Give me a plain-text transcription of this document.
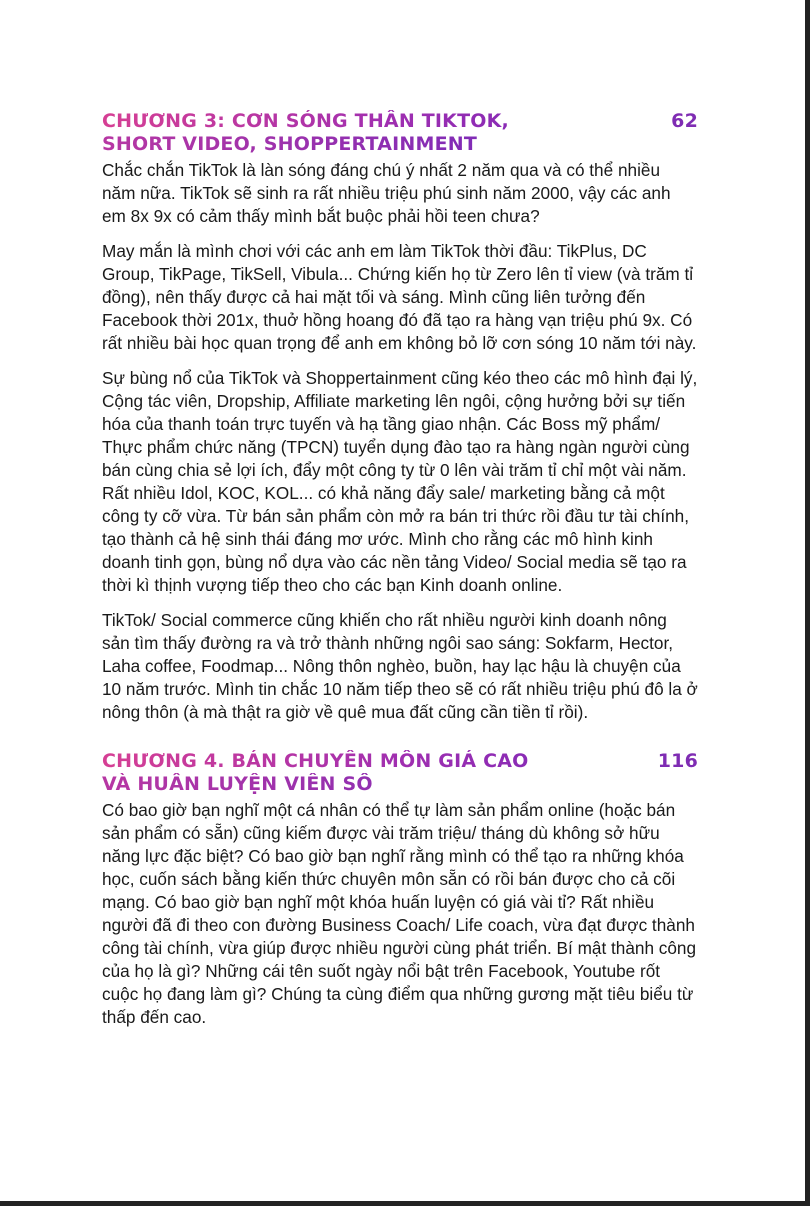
CHƯƠNG 3: CƠN SÓNG THẦN TIKTOK,
SHORT VIDEO, SHOPPERTAINMENT
62

Chắc chắn TikTok là làn sóng đáng chú ý nhất 2 năm qua và có thể nhiều năm nữa. TikTok sẽ sinh ra rất nhiều triệu phú sinh năm 2000, vậy các anh em 8x 9x có cảm thấy mình bắt buộc phải hồi teen chưa?

May mắn là mình chơi với các anh em làm TikTok thời đầu: TikPlus, DC Group, TikPage, TikSell, Vibula... Chứng kiến họ từ Zero lên tỉ view (và trăm tỉ đồng), nên thấy được cả hai mặt tối và sáng. Mình cũng liên tưởng đến Facebook thời 201x, thuở hồng hoang đó đã tạo ra hàng vạn triệu phú 9x. Có rất nhiều bài học quan trọng để anh em không bỏ lỡ cơn sóng 10 năm tới này.

Sự bùng nổ của TikTok và Shoppertainment cũng kéo theo các mô hình đại lý, Cộng tác viên, Dropship, Affiliate marketing lên ngôi, cộng hưởng bởi sự tiến hóa của thanh toán trực tuyến và hạ tầng giao nhận. Các Boss mỹ phẩm/ Thực phẩm chức năng (TPCN) tuyển dụng đào tạo ra hàng ngàn người cùng bán cùng chia sẻ lợi ích, đẩy một công ty từ 0 lên vài trăm tỉ chỉ một vài năm. Rất nhiều Idol, KOC, KOL... có khả năng đẩy sale/ marketing bằng cả một công ty cỡ vừa. Từ bán sản phẩm còn mở ra bán tri thức rồi đầu tư tài chính, tạo thành cả hệ sinh thái đáng mơ ước. Mình cho rằng các mô hình kinh doanh tinh gọn, bùng nổ dựa vào các nền tảng Video/ Social media sẽ tạo ra thời kì thịnh vượng tiếp theo cho các bạn Kinh doanh online.

TikTok/ Social commerce cũng khiến cho rất nhiều người kinh doanh nông sản tìm thấy đường ra và trở thành những ngôi sao sáng: Sokfarm, Hector, Laha coffee, Foodmap... Nông thôn nghèo, buồn, hay lạc hậu là chuyện của 10 năm trước. Mình tin chắc 10 năm tiếp theo sẽ có rất nhiều triệu phú đô la ở nông thôn (à mà thật ra giờ về quê mua đất cũng cần tiền tỉ rồi).

CHƯƠNG 4. BÁN CHUYÊN MÔN GIÁ CAO
VÀ HUẤN LUYỆN VIÊN SỐ
116

Có bao giờ bạn nghĩ một cá nhân có thể tự làm sản phẩm online (hoặc bán sản phẩm có sẵn) cũng kiếm được vài trăm triệu/ tháng dù không sở hữu năng lực đặc biệt? Có bao giờ bạn nghĩ rằng mình có thể tạo ra những khóa học, cuốn sách bằng kiến thức chuyên môn sẵn có rồi bán được cho cả cõi mạng. Có bao giờ bạn nghĩ một khóa huấn luyện có giá vài tỉ? Rất nhiều người đã đi theo con đường Business Coach/ Life coach, vừa đạt được thành công tài chính, vừa giúp được nhiều người cùng phát triển. Bí mật thành công của họ là gì? Những cái tên suốt ngày nổi bật trên Facebook, Youtube rốt cuộc họ đang làm gì? Chúng ta cùng điểm qua những gương mặt tiêu biểu từ thấp đến cao.
